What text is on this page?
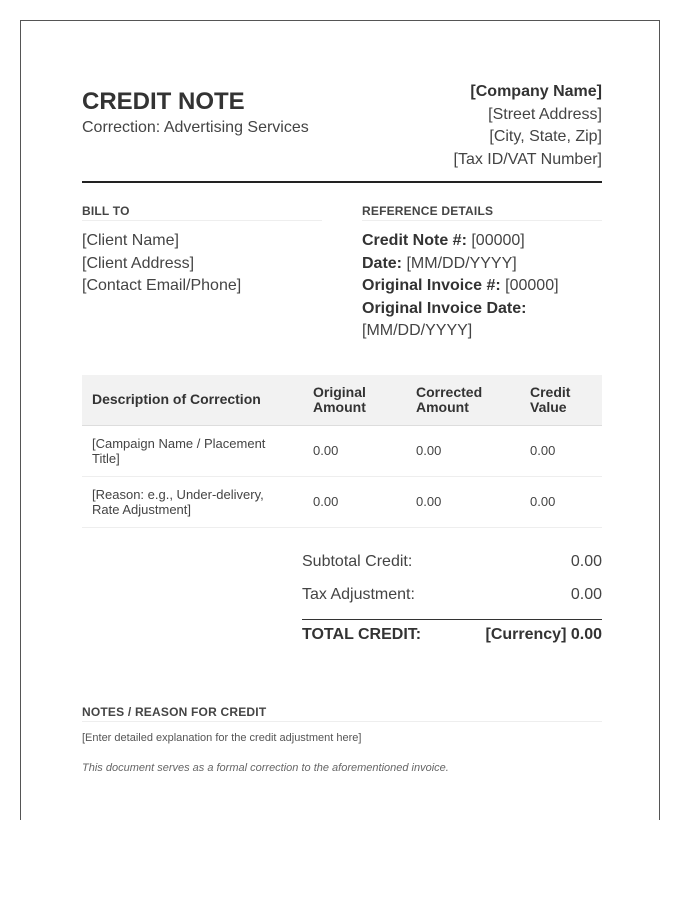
CREDIT NOTE
Correction: Advertising Services
[Company Name]
[Street Address]
[City, State, Zip]
[Tax ID/VAT Number]
BILL TO
[Client Name]
[Client Address]
[Contact Email/Phone]
REFERENCE DETAILS
Credit Note #: [00000]
Date: [MM/DD/YYYY]
Original Invoice #: [00000]
Original Invoice Date: [MM/DD/YYYY]
Description of Correction	Original Amount	Corrected Amount	Credit Value
[Campaign Name / Placement Title]	0.00	0.00	0.00
[Reason: e.g., Under-delivery, Rate Adjustment]	0.00	0.00	0.00
Subtotal Credit:	0.00
Tax Adjustment:	0.00
TOTAL CREDIT:	[Currency] 0.00
NOTES / REASON FOR CREDIT
[Enter detailed explanation for the credit adjustment here]
This document serves as a formal correction to the aforementioned invoice.
